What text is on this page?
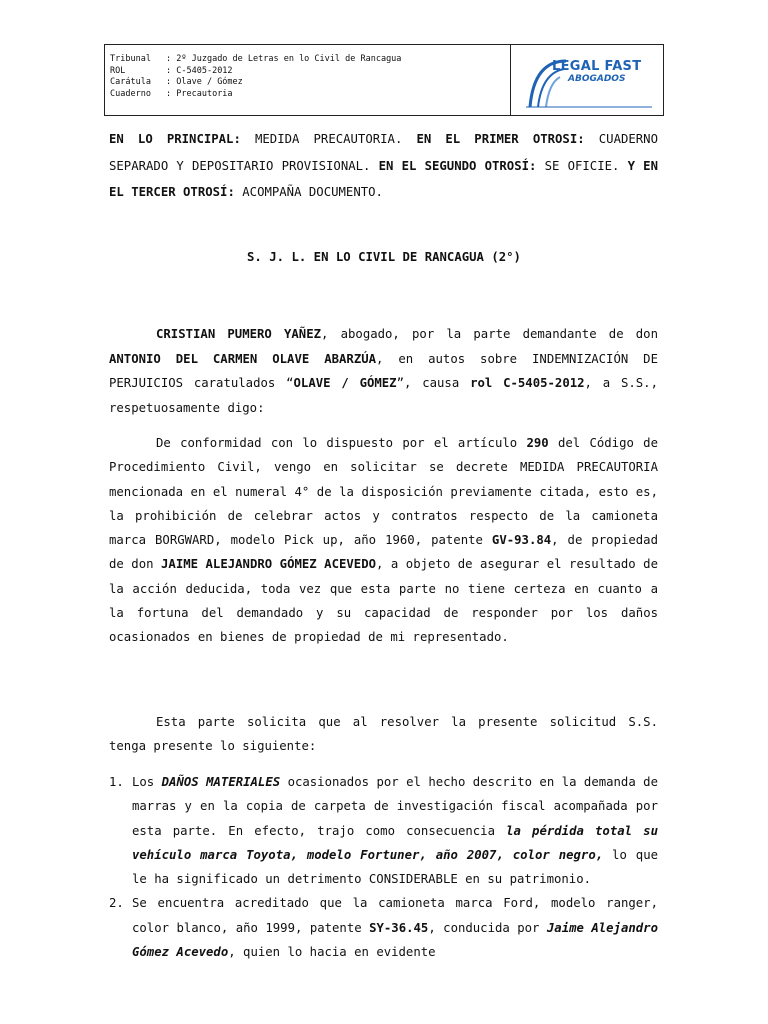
Tribunal : 2º Juzgado de Letras en lo Civil de Rancagua
ROL	: C-5405-2012
Carátula : Olave / Gómez
Cuaderno : Precautoria
LEGAL FAST
ABOGADOS
EN LO PRINCIPAL: MEDIDA PRECAUTORIA. EN EL PRIMER OTROSI: CUADERNO SEPARADO Y DEPOSITARIO PROVISIONAL. EN EL SEGUNDO OTROSÍ: SE OFICIE. Y EN EL TERCER OTROSÍ: ACOMPAÑA DOCUMENTO.
S. J. L. EN LO CIVIL DE RANCAGUA (2°)
CRISTIAN PUMERO YAÑEZ, abogado, por la parte demandante de don ANTONIO DEL CARMEN OLAVE ABARZÚA, en autos sobre INDEMNIZACIÓN DE PERJUICIOS caratulados “OLAVE / GÓMEZ”, causa rol C-5405-2012, a S.S., respetuosamente digo:
De conformidad con lo dispuesto por el artículo 290 del Código de Procedimiento Civil, vengo en solicitar se decrete MEDIDA PRECAUTORIA mencionada en el numeral 4° de la disposición previamente citada, esto es, la prohibición de celebrar actos y contratos respecto de la camioneta marca BORGWARD, modelo Pick up, año 1960, patente GV-93.84, de propiedad de don JAIME ALEJANDRO GÓMEZ ACEVEDO, a objeto de asegurar el resultado de la acción deducida, toda vez que esta parte no tiene certeza en cuanto a la fortuna del demandado y su capacidad de responder por los daños ocasionados en bienes de propiedad de mi representado.
Esta parte solicita que al resolver la presente solicitud S.S. tenga presente lo siguiente:
1. Los DAÑOS MATERIALES ocasionados por el hecho descrito en la demanda de marras y en la copia de carpeta de investigación fiscal acompañada por esta parte. En efecto, trajo como consecuencia la pérdida total su vehículo marca Toyota, modelo Fortuner, año 2007, color negro, lo que le ha significado un detrimento CONSIDERABLE en su patrimonio.
2. Se encuentra acreditado que la camioneta marca Ford, modelo ranger, color blanco, año 1999, patente SY-36.45, conducida por Jaime Alejandro Gómez Acevedo, quien lo hacia en evidente
